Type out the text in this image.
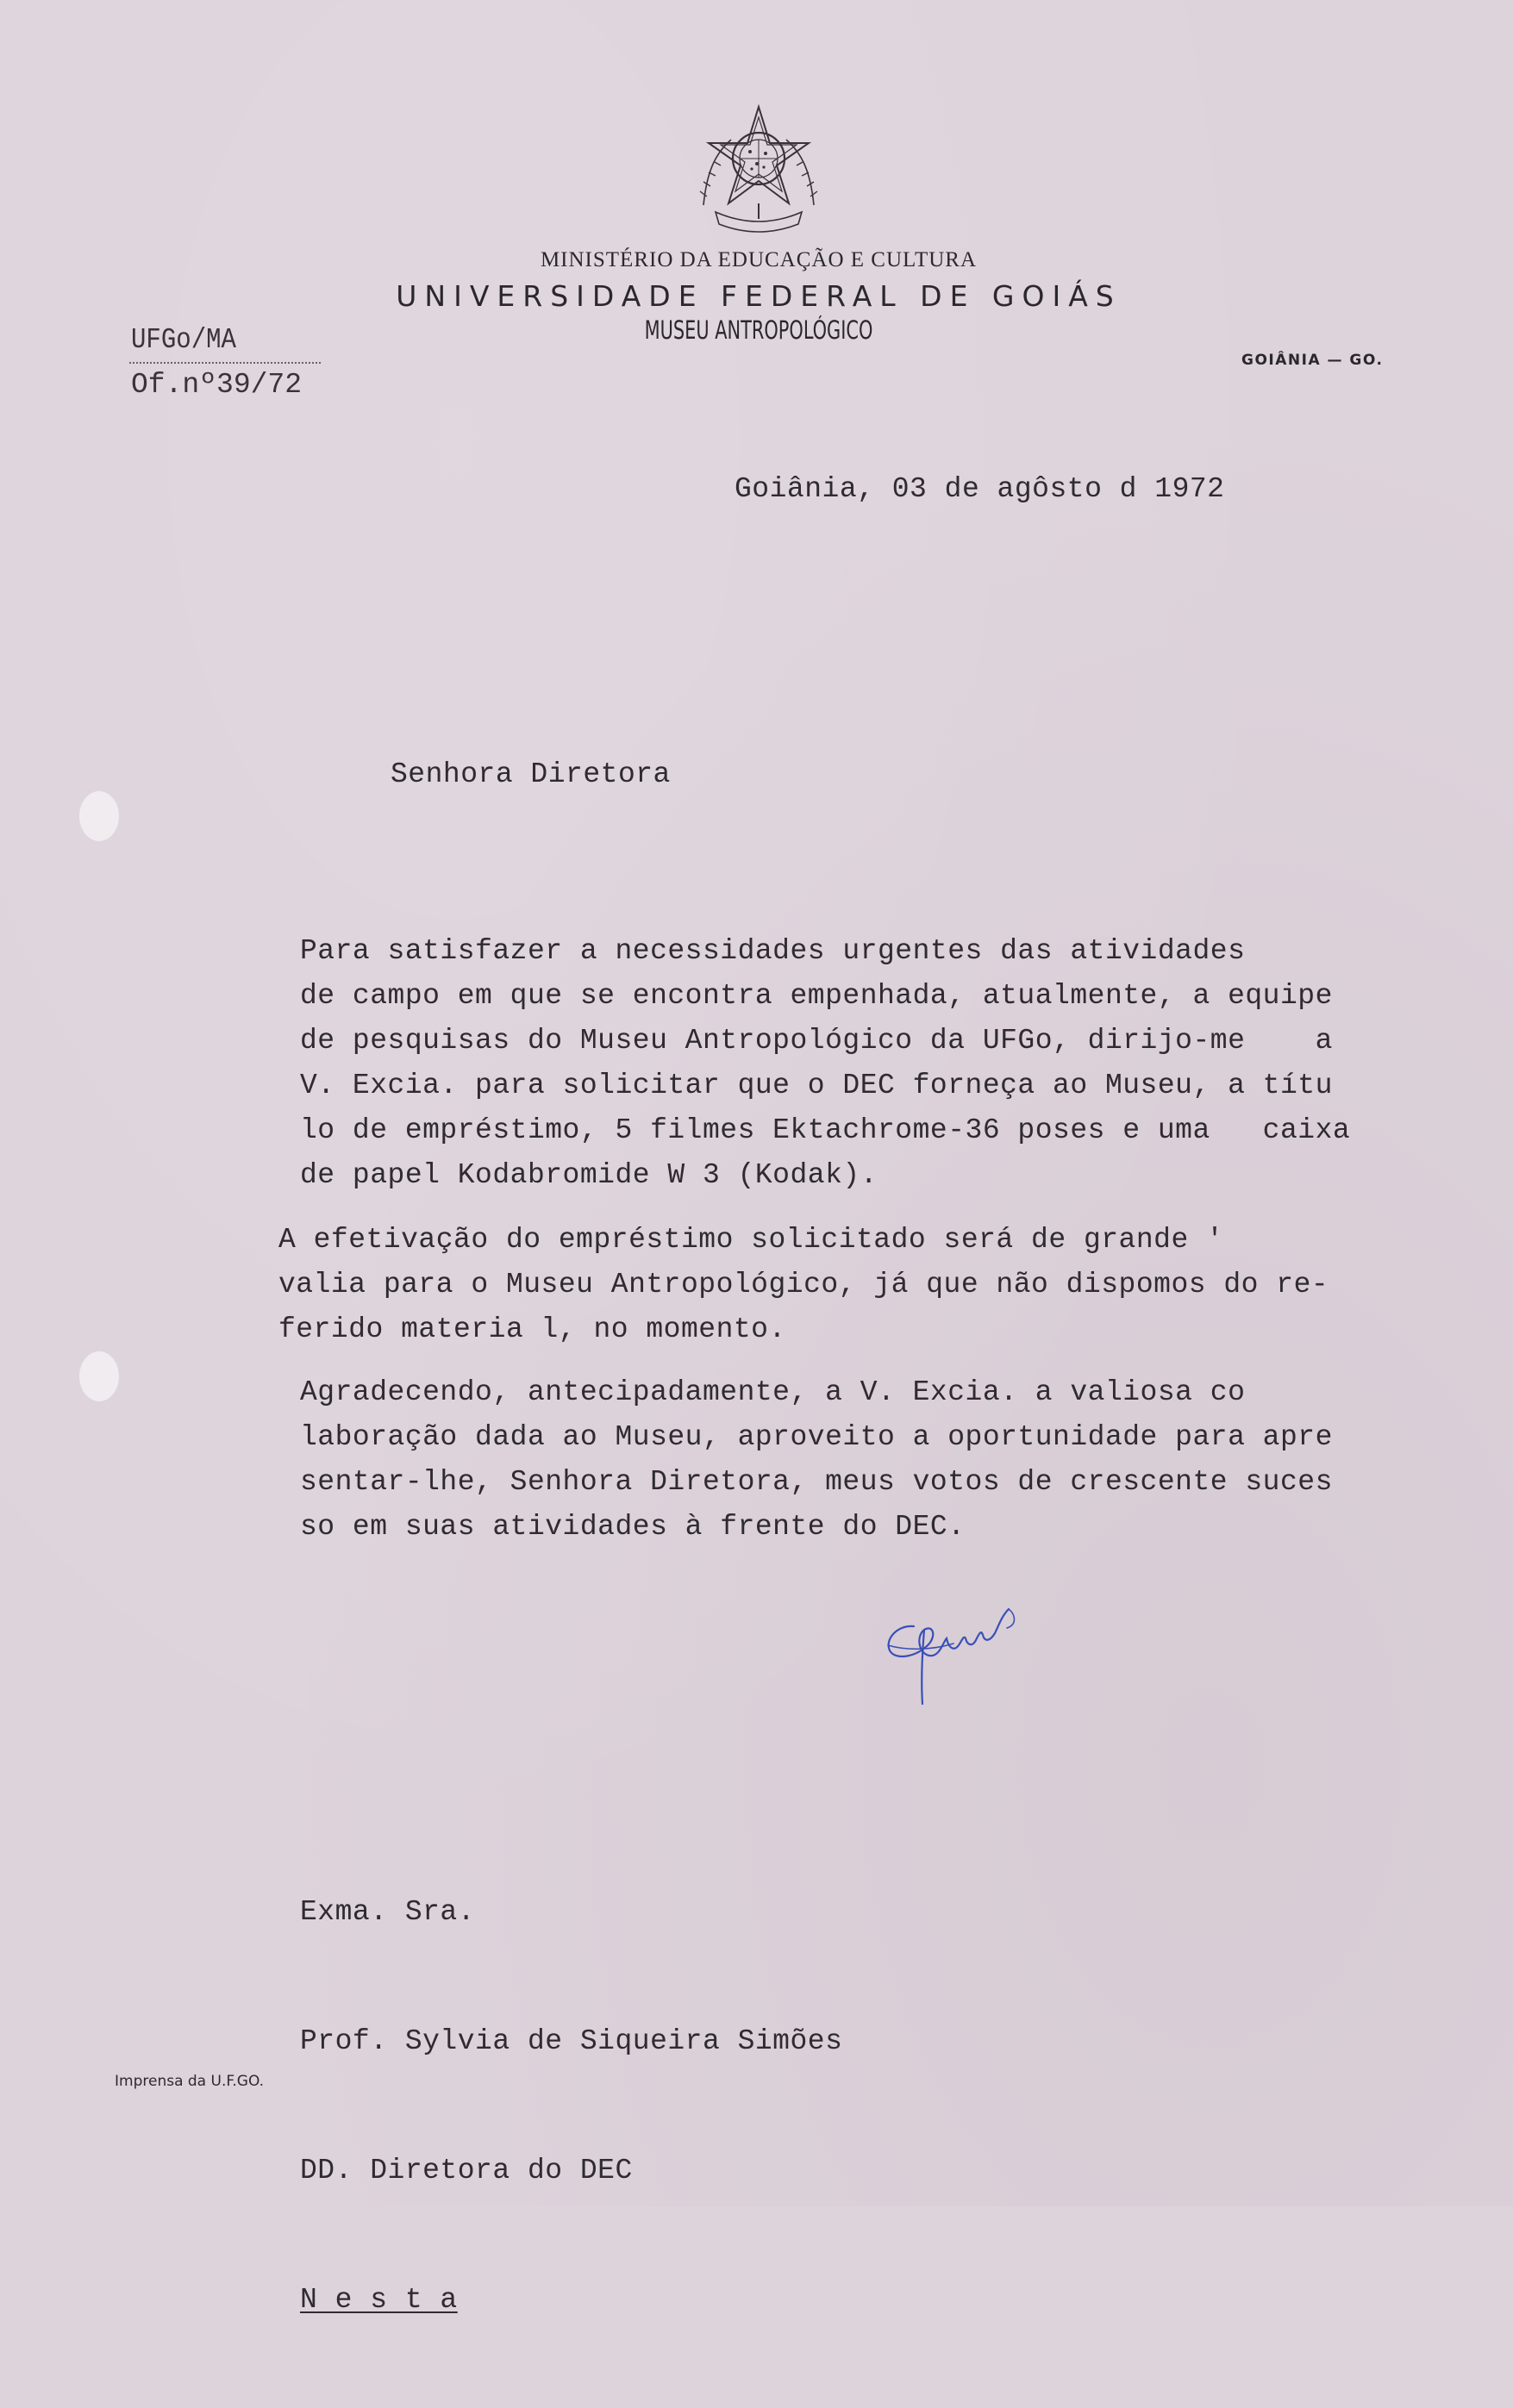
MINISTÉRIO DA EDUCAÇÃO E CULTURA
UNIVERSIDADE FEDERAL DE GOIÁS
MUSEU ANTROPOLÓGICO
GOIÂNIA — GO.
UFGo/MA
Of.nº39/72
Goiânia, 03 de agôsto d 1972
Senhora Diretora
Para satisfazer a necessidades urgentes das atividades
de campo em que se encontra empenhada, atualmente, a equipe
de pesquisas do Museu Antropológico da UFGo, dirijo-me    a
V. Excia. para solicitar que o DEC forneça ao Museu, a títu
lo de empréstimo, 5 filmes Ektachrome-36 poses e uma   caixa
de papel Kodabromide W 3 (Kodak).
A efetivação do empréstimo solicitado será de grande '
valia para o Museu Antropológico, já que não dispomos do re-
ferido materia l, no momento.
Agradecendo, antecipadamente, a V. Excia. a valiosa co
laboração dada ao Museu, aproveito a oportunidade para apre
sentar-lhe, Senhora Diretora, meus votos de crescente suces
so em suas atividades à frente do DEC.

Exma. Sra.

Prof. Sylvia de Siqueira Simões

DD. Diretora do DEC

N e s t a

Imprensa da U.F.GO.
